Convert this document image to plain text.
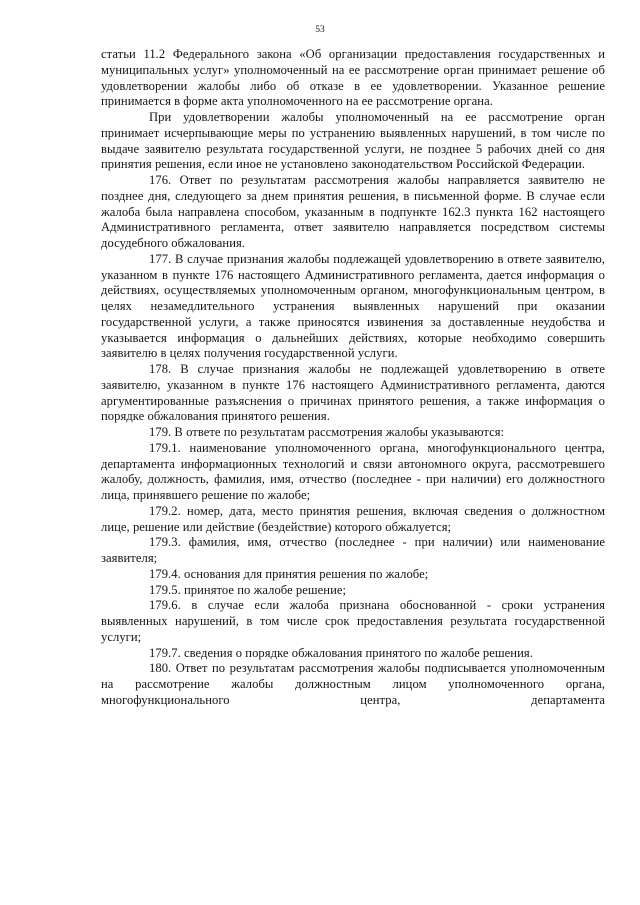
53

статьи 11.2 Федерального закона «Об организации предоставления государственных и муниципальных услуг» уполномоченный на ее рассмотрение орган принимает решение об удовлетворении жалобы либо об отказе в ее удовлетворении. Указанное решение принимается в форме акта уполномоченного на ее рассмотрение органа.

При удовлетворении жалобы уполномоченный на ее рассмотрение орган принимает исчерпывающие меры по устранению выявленных нарушений, в том числе по выдаче заявителю результата государственной услуги, не позднее 5 рабочих дней со дня принятия решения, если иное не установлено законодательством Российской Федерации.

176. Ответ по результатам рассмотрения жалобы направляется заявителю не позднее дня, следующего за днем принятия решения, в письменной форме. В случае если жалоба была направлена способом, указанным в подпункте 162.3 пункта 162 настоящего Административного регламента, ответ заявителю направляется посредством системы досудебного обжалования.

177. В случае признания жалобы подлежащей удовлетворению в ответе заявителю, указанном в пункте 176 настоящего Административного регламента, дается информация о действиях, осуществляемых уполномоченным органом, многофункциональным центром, в целях незамедлительного устранения выявленных нарушений при оказании государственной услуги, а также приносятся извинения за доставленные неудобства и указывается информация о дальнейших действиях, которые необходимо совершить заявителю в целях получения государственной услуги.

178. В случае признания жалобы не подлежащей удовлетворению в ответе заявителю, указанном в пункте 176 настоящего Административного регламента, даются аргументированные разъяснения о причинах принятого решения, а также информация о порядке обжалования принятого решения.

179. В ответе по результатам рассмотрения жалобы указываются:

179.1. наименование уполномоченного органа, многофункционального центра, департамента информационных технологий и связи автономного округа, рассмотревшего жалобу, должность, фамилия, имя, отчество (последнее - при наличии) его должностного лица, принявшего решение по жалобе;

179.2. номер, дата, место принятия решения, включая сведения о должностном лице, решение или действие (бездействие) которого обжалуется;

179.3. фамилия, имя, отчество (последнее - при наличии) или наименование заявителя;

179.4. основания для принятия решения по жалобе;

179.5. принятое по жалобе решение;

179.6. в случае если жалоба признана обоснованной - сроки устранения выявленных нарушений, в том числе срок предоставления результата государственной услуги;

179.7. сведения о порядке обжалования принятого по жалобе решения.

180. Ответ по результатам рассмотрения жалобы подписывается уполномоченным на рассмотрение жалобы должностным лицом уполномоченного органа, многофункционального центра, департамента
